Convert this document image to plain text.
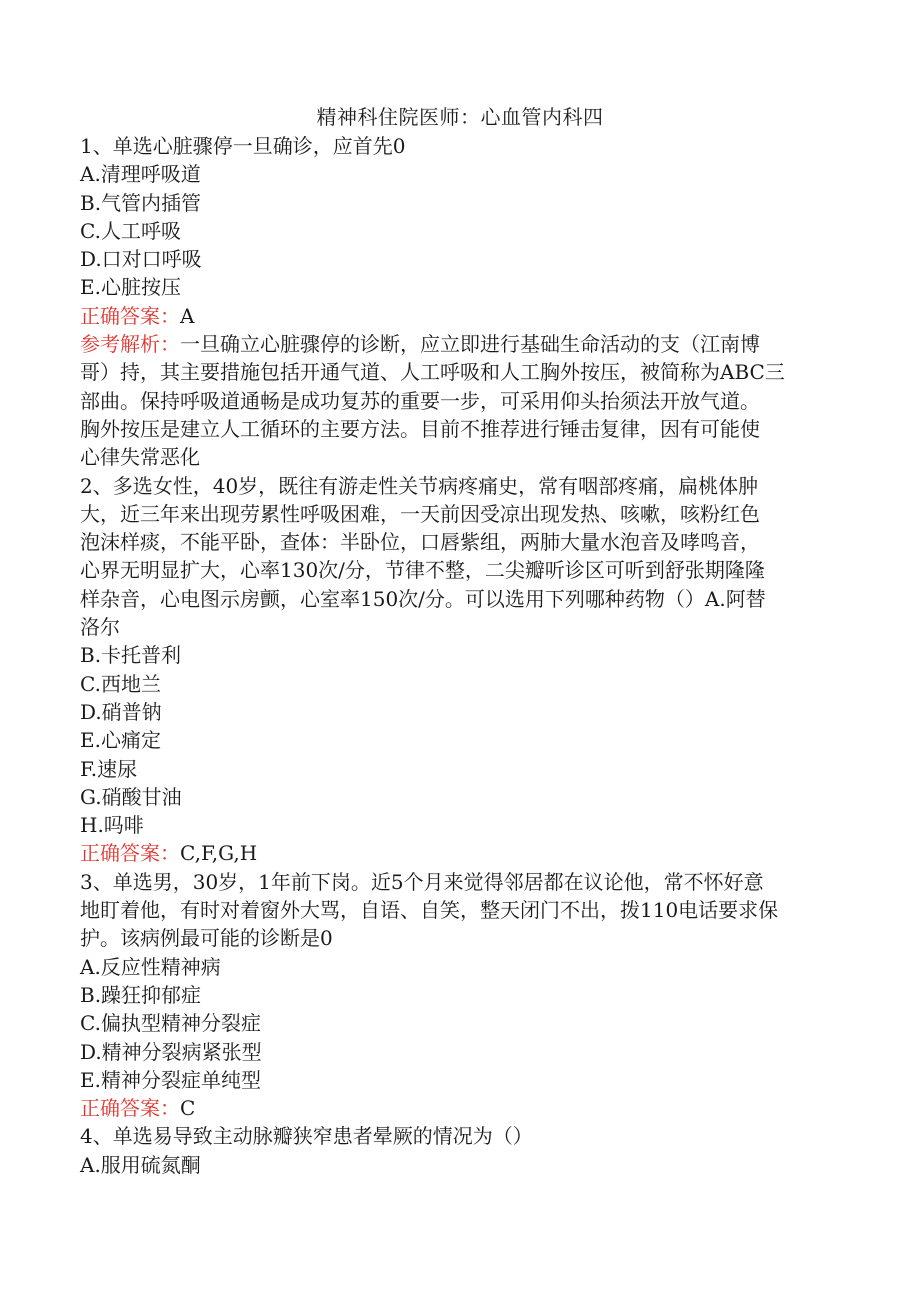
精神科住院医师：心血管内科四
1、单选心脏骤停一旦确诊，应首先0
A.清理呼吸道
B.气管内插管
C.人工呼吸
D.口对口呼吸
E.心脏按压
正确答案：A
参考解析：一旦确立心脏骤停的诊断，应立即进行基础生命活动的支（江南博
哥）持，其主要措施包括开通气道、人工呼吸和人工胸外按压，被简称为ABC三
部曲。保持呼吸道通畅是成功复苏的重要一步，可采用仰头抬须法开放气道。
胸外按压是建立人工循环的主要方法。目前不推荐进行锤击复律，因有可能使
心律失常恶化
2、多选女性，40岁，既往有游走性关节病疼痛史，常有咽部疼痛，扁桃体肿
大，近三年来出现劳累性呼吸困难，一天前因受凉出现发热、咳嗽，咳粉红色
泡沫样痰，不能平卧，查体：半卧位，口唇紫组，两肺大量水泡音及哮鸣音，
心界无明显扩大，心率130次/分，节律不整，二尖瓣听诊区可听到舒张期隆隆
样杂音，心电图示房颤，心室率150次/分。可以选用下列哪种药物（）A.阿替
洛尔
B.卡托普利
C.西地兰
D.硝普钠
E.心痛定
F.速尿
G.硝酸甘油
H.吗啡
正确答案：C,F,G,H
3、单选男，30岁，1年前下岗。近5个月来觉得邻居都在议论他，常不怀好意
地盯着他，有时对着窗外大骂，自语、自笑，整天闭门不出，拨110电话要求保
护。该病例最可能的诊断是0
A.反应性精神病
B.躁狂抑郁症
C.偏执型精神分裂症
D.精神分裂病紧张型
E.精神分裂症单纯型
正确答案：C
4、单选易导致主动脉瓣狭窄患者晕厥的情况为（）
A.服用硫氮酮
